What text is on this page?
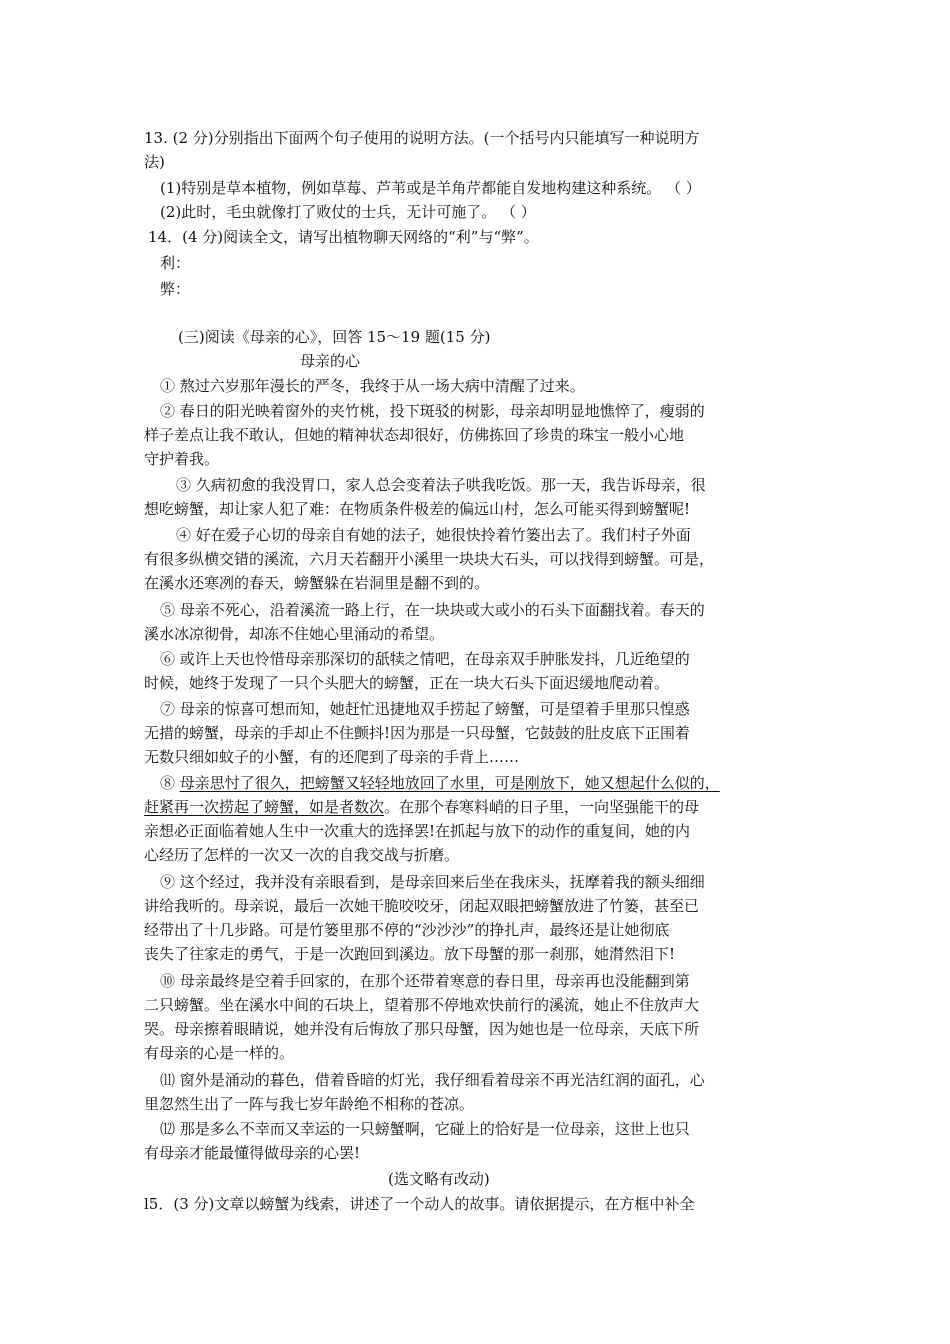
13. (2 分)分别指出下面两个句子使用的说明方法。(一个括号内只能填写一种说明方
法)
(1)特别是草本植物，例如草莓、芦苇或是羊角芹都能自发地构建这种系统。 （ ）
(2)此时，毛虫就像打了败仗的士兵，无计可施了。 （ ）
14．(4 分)阅读全文，请写出植物聊天网络的“利”与“弊”。
利：
弊：
(三)阅读《母亲的心》，回答 15～19 题(15 分)
母亲的心
① 熬过六岁那年漫长的严冬，我终于从一场大病中清醒了过来。
② 春日的阳光映着窗外的夹竹桃，投下斑驳的树影，母亲却明显地憔悴了，瘦弱的
样子差点让我不敢认，但她的精神状态却很好，仿佛拣回了珍贵的珠宝一般小心地
守护着我。
③ 久病初愈的我没胃口，家人总会变着法子哄我吃饭。那一天，我告诉母亲，很
想吃螃蟹，却让家人犯了难：在物质条件极差的偏远山村，怎么可能买得到螃蟹呢!
④ 好在爱子心切的母亲自有她的法子，她很快拎着竹篓出去了。我们村子外面
有很多纵横交错的溪流，六月天若翻开小溪里一块块大石头，可以找得到螃蟹。可是，
在溪水还寒冽的春天，螃蟹躲在岩洞里是翻不到的。
⑤ 母亲不死心，沿着溪流一路上行，在一块块或大或小的石头下面翻找着。春天的
溪水冰凉彻骨，却冻不住她心里涌动的希望。
⑥ 或许上天也怜惜母亲那深切的舐犊之情吧，在母亲双手肿胀发抖，几近绝望的
时候，她终于发现了一只个头肥大的螃蟹，正在一块大石头下面迟缓地爬动着。
⑦ 母亲的惊喜可想而知，她赶忙迅捷地双手捞起了螃蟹，可是望着手里那只惶惑
无措的螃蟹，母亲的手却止不住颤抖!因为那是一只母蟹，它鼓鼓的肚皮底下正围着
无数只细如蚊子的小蟹，有的还爬到了母亲的手背上……
⑧ 母亲思忖了很久，把螃蟹又轻轻地放回了水里，可是刚放下，她又想起什么似的，
赶紧再一次捞起了螃蟹，如是者数次。在那个春寒料峭的日子里，一向坚强能干的母
亲想必正面临着她人生中一次重大的选择罢!在抓起与放下的动作的重复间，她的内
心经历了怎样的一次又一次的自我交战与折磨。
⑨ 这个经过，我并没有亲眼看到，是母亲回来后坐在我床头，抚摩着我的额头细细
讲给我听的。母亲说，最后一次她干脆咬咬牙，闭起双眼把螃蟹放进了竹篓，甚至已
经带出了十几步路。可是竹篓里那不停的“沙沙沙”的挣扎声，最终还是让她彻底
丧失了往家走的勇气，于是一次跑回到溪边。放下母蟹的那一刹那，她潸然泪下!
⑩ 母亲最终是空着手回家的，在那个还带着寒意的春日里，母亲再也没能翻到第
二只螃蟹。坐在溪水中间的石块上，望着那不停地欢快前行的溪流，她止不住放声大
哭。母亲擦着眼睛说，她并没有后悔放了那只母蟹，因为她也是一位母亲，天底下所
有母亲的心是一样的。
⑾ 窗外是涌动的暮色，借着昏暗的灯光，我仔细看着母亲不再光洁红润的面孔，心
里忽然生出了一阵与我七岁年龄绝不相称的苍凉。
⑿ 那是多么不幸而又幸运的一只螃蟹啊，它碰上的恰好是一位母亲，这世上也只
有母亲才能最懂得做母亲的心罢!
(选文略有改动)
l5．(3 分)文章以螃蟹为线索，讲述了一个动人的故事。请依据提示，在方框中补全
